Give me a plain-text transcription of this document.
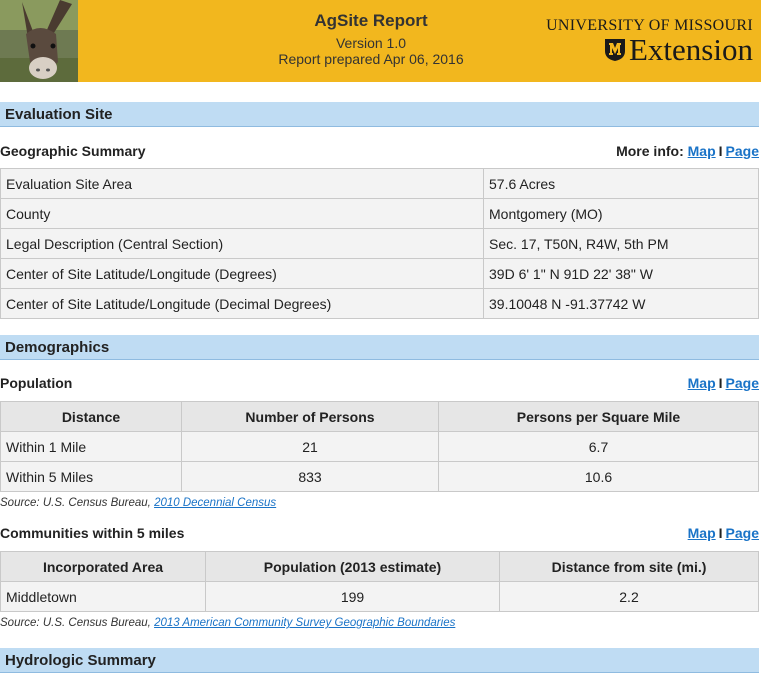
AgSite Report
Version 1.0
Report prepared Apr 06, 2016
UNIVERSITY OF MISSOURI
Extension
Evaluation Site
Geographic Summary	More info: Map I Page
Evaluation Site Area	57.6 Acres
County	Montgomery (MO)
Legal Description (Central Section)	Sec. 17, T50N, R4W, 5th PM
Center of Site Latitude/Longitude (Degrees)	39D 6' 1" N 91D 22' 38" W
Center of Site Latitude/Longitude (Decimal Degrees)	39.10048 N -91.37742 W
Demographics
Population	Map I Page
Distance	Number of Persons	Persons per Square Mile
Within 1 Mile	21	6.7
Within 5 Miles	833	10.6
Source: U.S. Census Bureau, 2010 Decennial Census
Communities within 5 miles	Map I Page
Incorporated Area	Population (2013 estimate)	Distance from site (mi.)
Middletown	199	2.2
Source: U.S. Census Bureau, 2013 American Community Survey Geographic Boundaries
Hydrologic Summary
